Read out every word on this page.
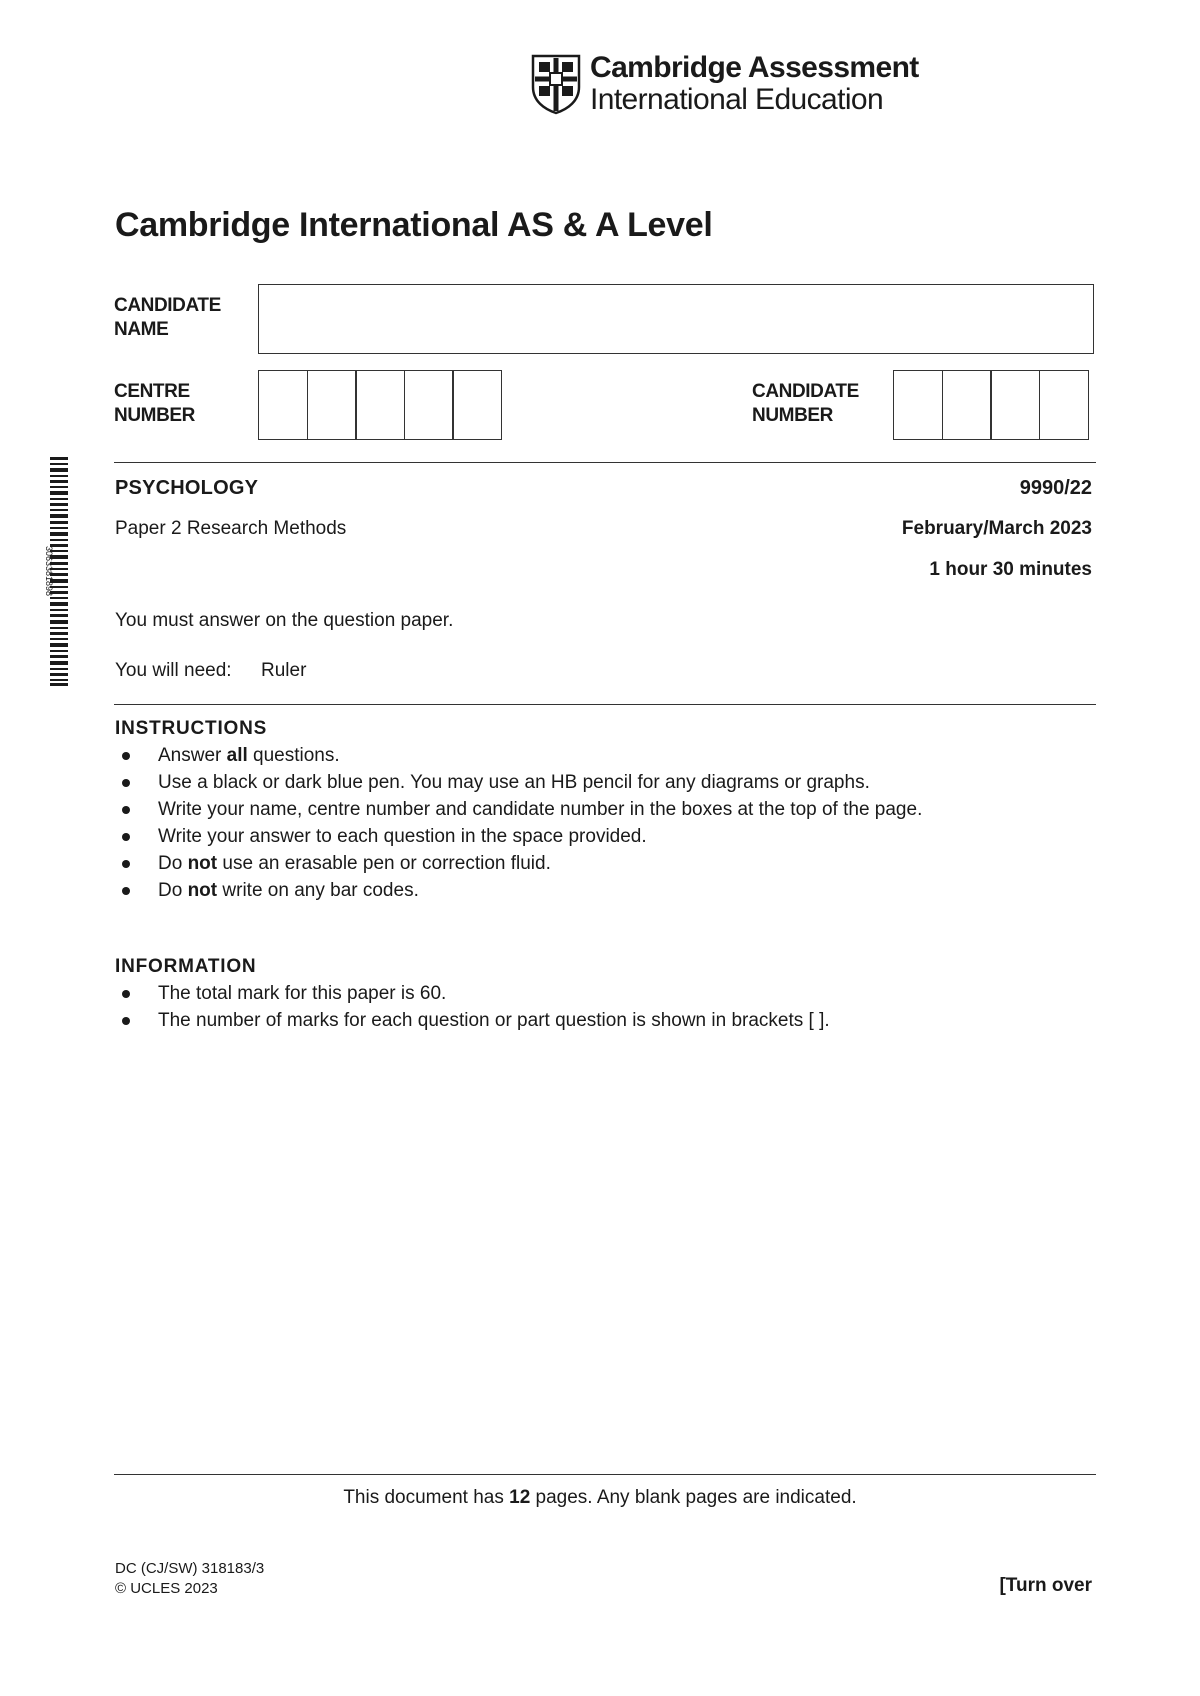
Cambridge Assessment
International Education
Cambridge International AS & A Level
CANDIDATE
NAME
CENTRE
NUMBER
CANDIDATE
NUMBER
3063381898
PSYCHOLOGY	9990/22
Paper 2 Research Methods	February/March 2023
1 hour 30 minutes
You must answer on the question paper.
You will need: Ruler
INSTRUCTIONS
Answer all questions.
Use a black or dark blue pen. You may use an HB pencil for any diagrams or graphs.
Write your name, centre number and candidate number in the boxes at the top of the page.
Write your answer to each question in the space provided.
Do not use an erasable pen or correction fluid.
Do not write on any bar codes.
INFORMATION
The total mark for this paper is 60.
The number of marks for each question or part question is shown in brackets [ ].
This document has 12 pages. Any blank pages are indicated.
DC (CJ/SW) 318183/3
© UCLES 2023	[Turn over
